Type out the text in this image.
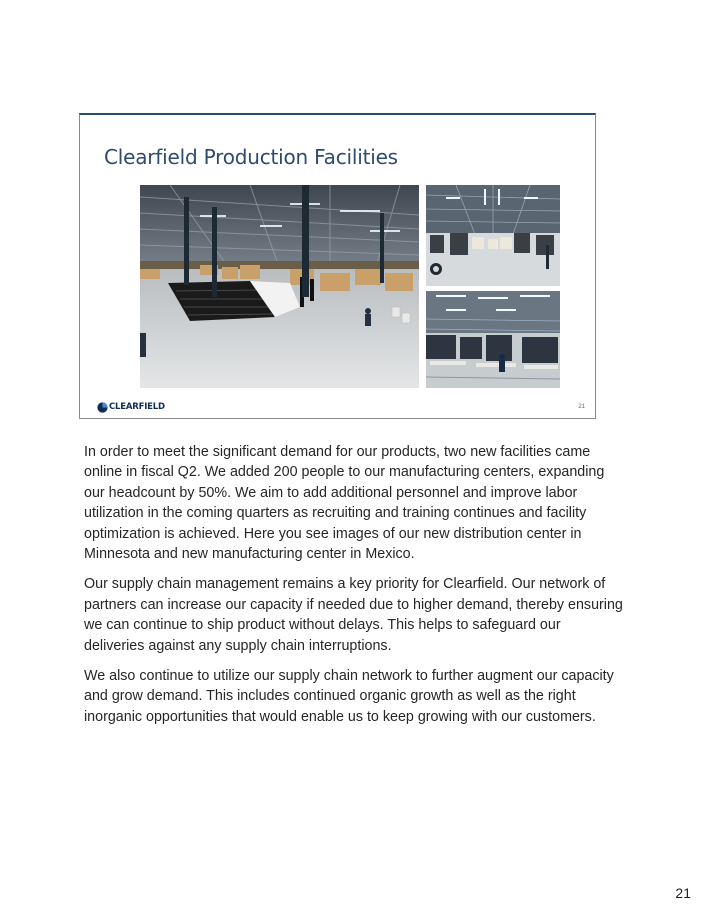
Clearfield Production Facilities
CLEARFIELD	21

In order to meet the significant demand for our products, two new facilities came online in fiscal Q2. We added 200 people to our manufacturing centers, expanding our headcount by 50%. We aim to add additional personnel and improve labor utilization in the coming quarters as recruiting and training continues and facility optimization is achieved. Here you see images of our new distribution center in Minnesota and new manufacturing center in Mexico.

Our supply chain management remains a key priority for Clearfield. Our network of partners can increase our capacity if needed due to higher demand, thereby ensuring we can continue to ship product without delays. This helps to safeguard our deliveries against any supply chain interruptions.

We also continue to utilize our supply chain network to further augment our capacity and grow demand. This includes continued organic growth as well as the right inorganic opportunities that would enable us to keep growing with our customers.

21
